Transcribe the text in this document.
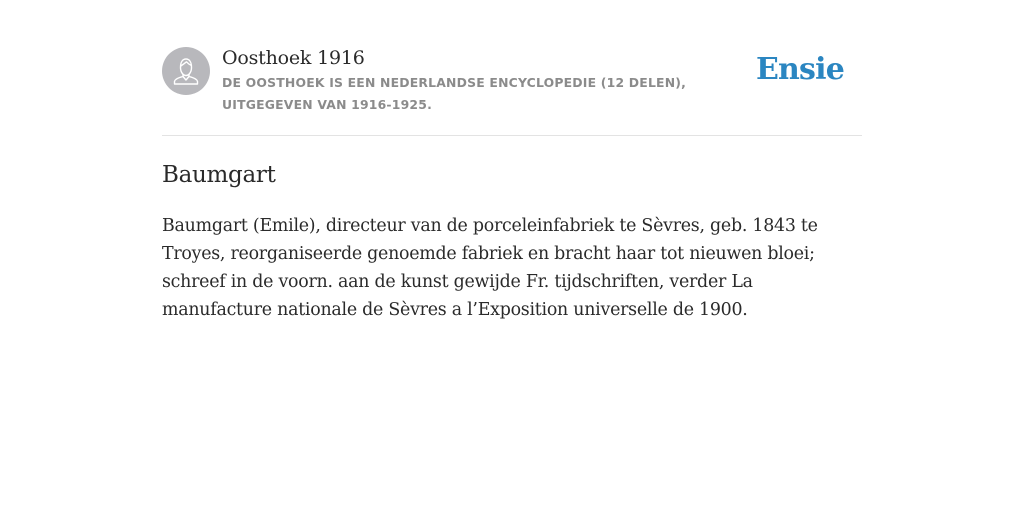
Oosthoek 1916
DE OOSTHOEK IS EEN NEDERLANDSE ENCYCLOPEDIE (12 DELEN), UITGEGEVEN VAN 1916-1925.
Ensie
Baumgart
Baumgart (Emile), directeur van de porceleinfabriek te Sèvres, geb. 1843 te Troyes, reorganiseerde genoemde fabriek en bracht haar tot nieuwen bloei; schreef in de voorn. aan de kunst gewijde Fr. tijdschriften, verder La manufacture nationale de Sèvres a l’Exposition universelle de 1900.
